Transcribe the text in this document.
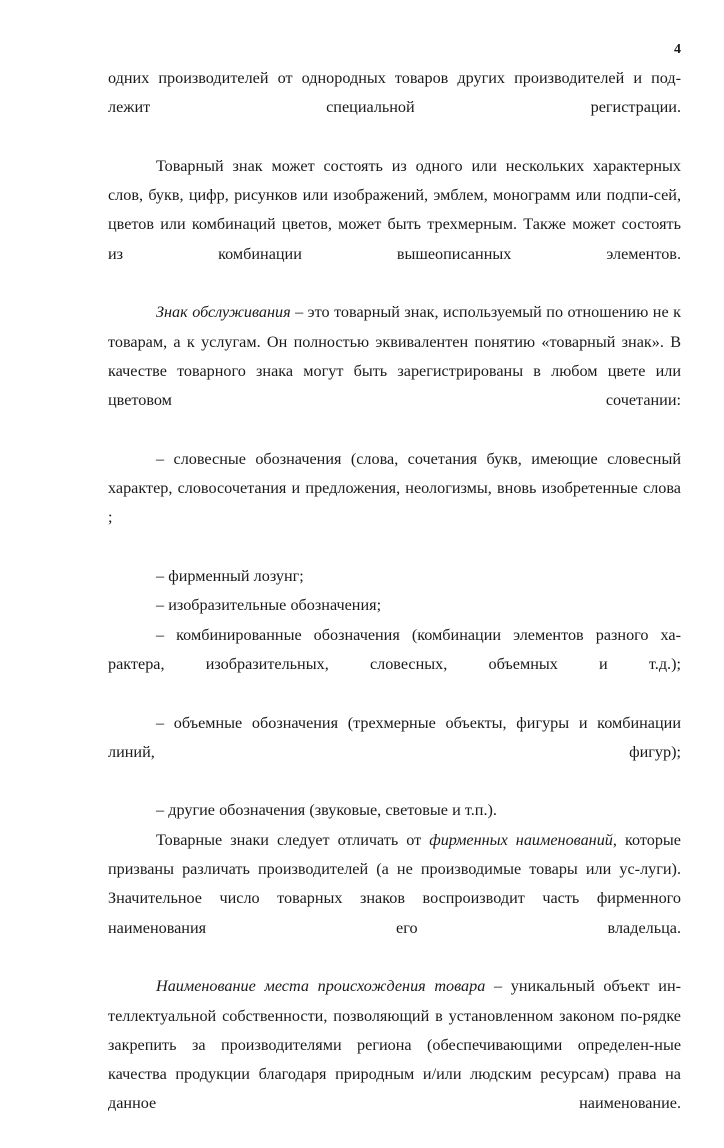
4

одних производителей от однородных товаров других производителей и под-лежит специальной регистрации.

Товарный знак может состоять из одного или нескольких характерных слов, букв, цифр, рисунков или изображений, эмблем, монограмм или подпи-сей, цветов или комбинаций цветов, может быть трехмерным. Также может состоять из комбинации вышеописанных элементов.

Знак обслуживания – это товарный знак, используемый по отношению не к товарам, а к услугам. Он полностью эквивалентен понятию «товарный знак». В качестве товарного знака могут быть зарегистрированы в любом цвете или цветовом сочетании:

– словесные обозначения (слова, сочетания букв, имеющие словесный характер, словосочетания и предложения, неологизмы, вновь изобретенные слова ;

– фирменный лозунг;

– изобразительные обозначения;

– комбинированные обозначения (комбинации элементов разного ха-рактера, изобразительных, словесных, объемных и т.д.);

– объемные обозначения (трехмерные объекты, фигуры и комбинации линий, фигур);

– другие обозначения (звуковые, световые и т.п.).

Товарные знаки следует отличать от фирменных наименований, которые призваны различать производителей (а не производимые товары или ус-луги). Значительное число товарных знаков воспроизводит часть фирменного наименования его владельца.

Наименование места происхождения товара – уникальный объект ин-теллектуальной собственности, позволяющий в установленном законом по-рядке закрепить за производителями региона (обеспечивающими определен-ные качества продукции благодаря природным и/или людским ресурсам) права на данное наименование.
